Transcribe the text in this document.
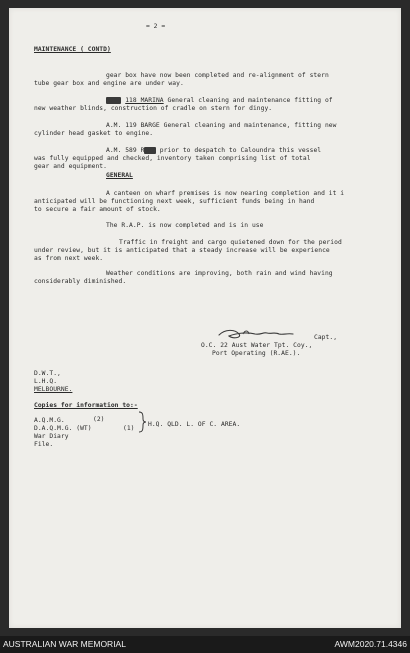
= 2 =
MAINTENANCE ( CONTD)
gear box have now been completed and re-alignment of stern
tube gear box and engine are under way.
A.M. 118 MARINA General cleaning and maintenance fitting of
new weather blinds, construction of cradle on stern for dingy.
A.M. 119 BARGE General cleaning and maintenance, fitting new
cylinder head gasket to engine.
A.M. 589 RSEX prior to despatch to Caloundra this vessel
was fully equipped and checked, inventory taken comprising list of total
gear and equipment.
GENERAL
A canteen on wharf premises is now nearing completion and it i
anticipated will be functioning next week, sufficient funds being in hand
to secure a fair amount of stock.
The R.A.P. is now completed and is in use
Traffic in freight and cargo quietened down for the period
under review, but it is anticipated that a steady increase will be experience
as from next week.
Weather conditions are improving, both rain and wind having
considerably diminished.
Capt.,
O.C. 22 Aust Water Tpt. Coy.,
Port Operating (R.AE.).
D.W.T.,
L.H.Q.
MELBOURNE.
Copies for information to:-
A.Q.M.G.	(2)
D.A.Q.M.G. (WT)	(1)
H.Q. QLD. L. OF C. AREA.
War Diary
File.
AUSTRALIAN WAR MEMORIAL	AWM2020.71.4346
